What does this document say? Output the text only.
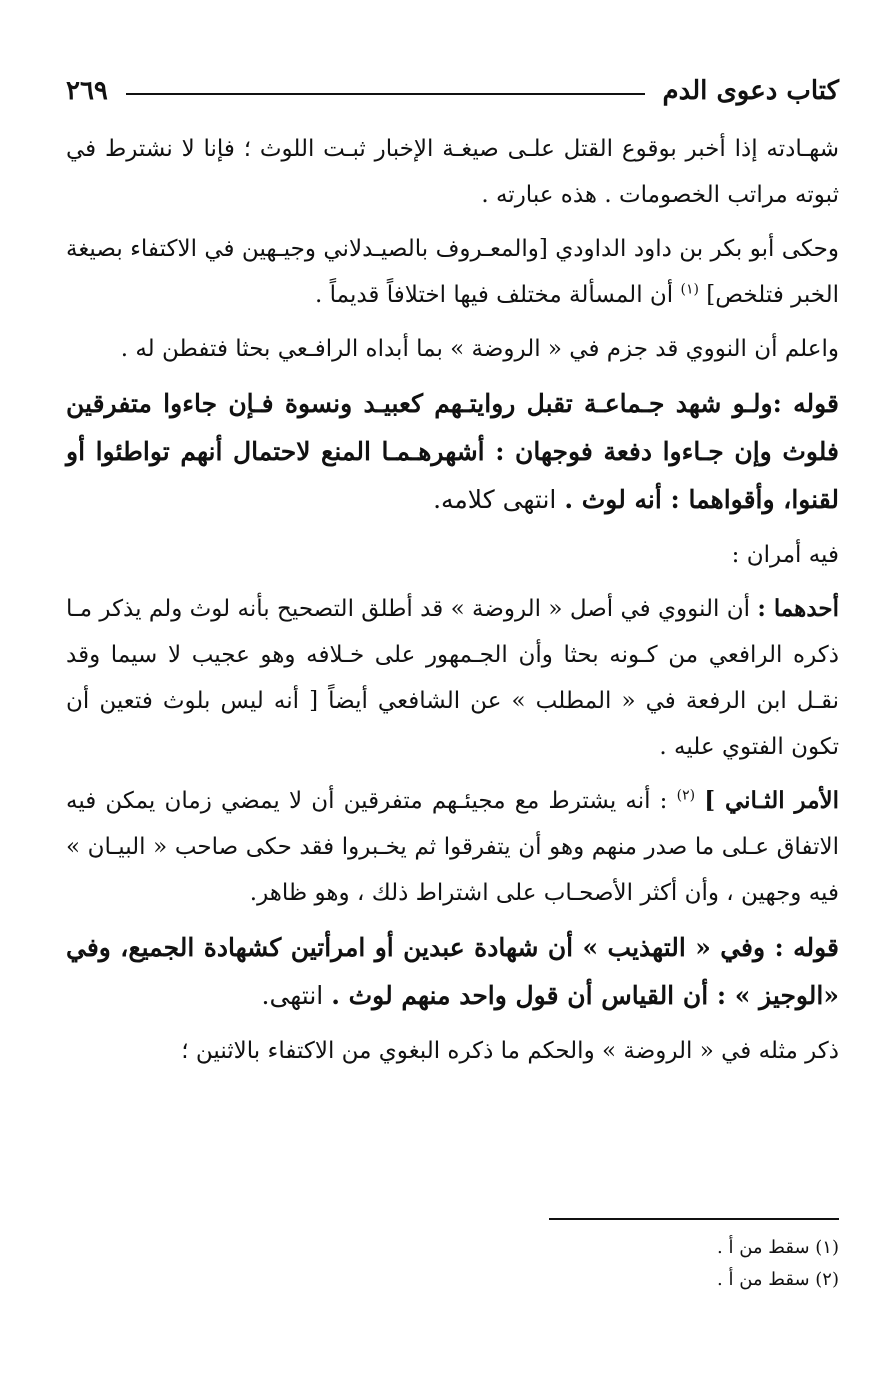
كتاب دعوى الدم
٢٦٩

شهـادته إذا أخبر بوقوع القتل علـى صيغـة الإخبار ثبـت اللوث ؛ فإنا لا نشترط في ثبوته مراتب الخصومات . هذه عبارته .

وحكى أبو بكر بن داود الداودي [والمعـروف بالصيـدلاني وجيـهين في الاكتفاء بصيغة الخبر فتلخص] $^{(١)}$ أن المسألة مختلف فيها اختلافاً قديماً .

واعلم أن النووي قد جزم في « الروضة » بما أبداه الرافـعي بحثا فتفطن له .

قوله :ولـو شهد جـماعـة تقبل روايتـهم كعبيـد ونسوة فـإن جاءوا متفرقين فلوث وإن جـاءوا دفعة فوجهان : أشهرهـمـا المنع لاحتمال أنهم تواطئوا أو لقنوا، وأقواهما : أنه لوث . انتهى كلامه.

فيه أمران :

أحدهما : أن النووي في أصل « الروضة » قد أطلق التصحيح بأنه لوث ولم يذكر مـا ذكره الرافعي من كـونه بحثا وأن الجـمهور على خـلافه وهو عجيب لا سيما وقد نقـل ابن الرفعة في « المطلب » عن الشافعي أيضاً [ أنه ليس بلوث فتعين أن تكون الفتوي عليه .

الأمر الثـاني ] $^{(٢)}$ : أنه يشترط مع مجيئـهم متفرقين أن لا يمضي زمان يمكن فيه الاتفاق عـلى ما صدر منهم وهو أن يتفرقوا ثم يخـبروا فقد حكى صاحب « البيـان » فيه وجهين ، وأن أكثر الأصحـاب على اشتراط ذلك ، وهو ظاهر.

قوله : وفي « التهذيب » أن شهادة عبدين أو امرأتين كشهادة الجميع، وفي «الوجيز » : أن القياس أن قول واحد منهم لوث . انتهى.

ذكر مثله في « الروضة » والحكم ما ذكره البغوي من الاكتفاء بالاثنين ؛

(١) سقط من أ .
(٢) سقط من أ .
